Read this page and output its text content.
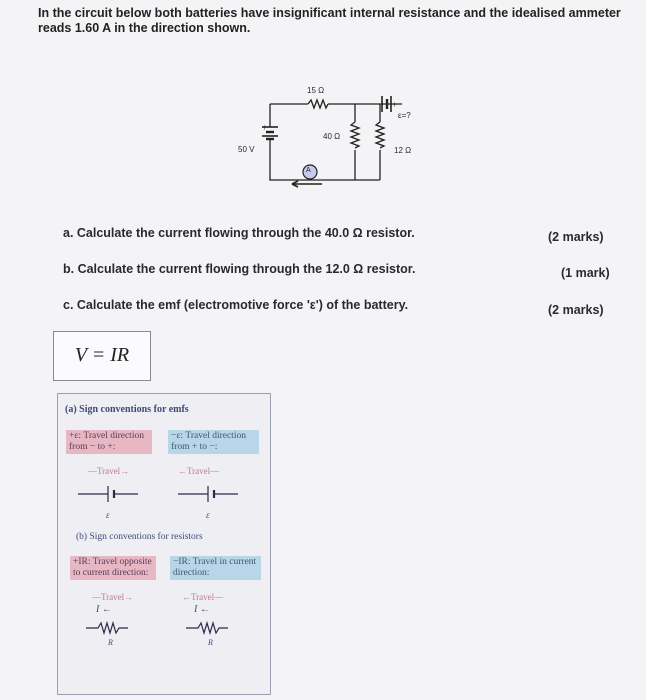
In the circuit below both batteries have insignificant internal resistance and the idealised ammeter reads 1.60 A in the direction shown.
15 Ω
40 Ω
12 Ω
50 V
ε=?
A
+
+
a. Calculate the current flowing through the 40.0 Ω resistor.	(2 marks)
b. Calculate the current flowing through the 12.0 Ω resistor.	(1 mark)
c. Calculate the emf (electromotive force 'ε') of the battery.	(2 marks)
V = IR
(a) Sign conventions for emfs
+ε: Travel direction from − to +:
−ε: Travel direction from + to −:
—Travel→	←Travel—
ε	ε
(b) Sign conventions for resistors
+IR: Travel opposite to current direction:
−IR: Travel in current direction:
—Travel→	←Travel—
I ←	I ←
R	R
